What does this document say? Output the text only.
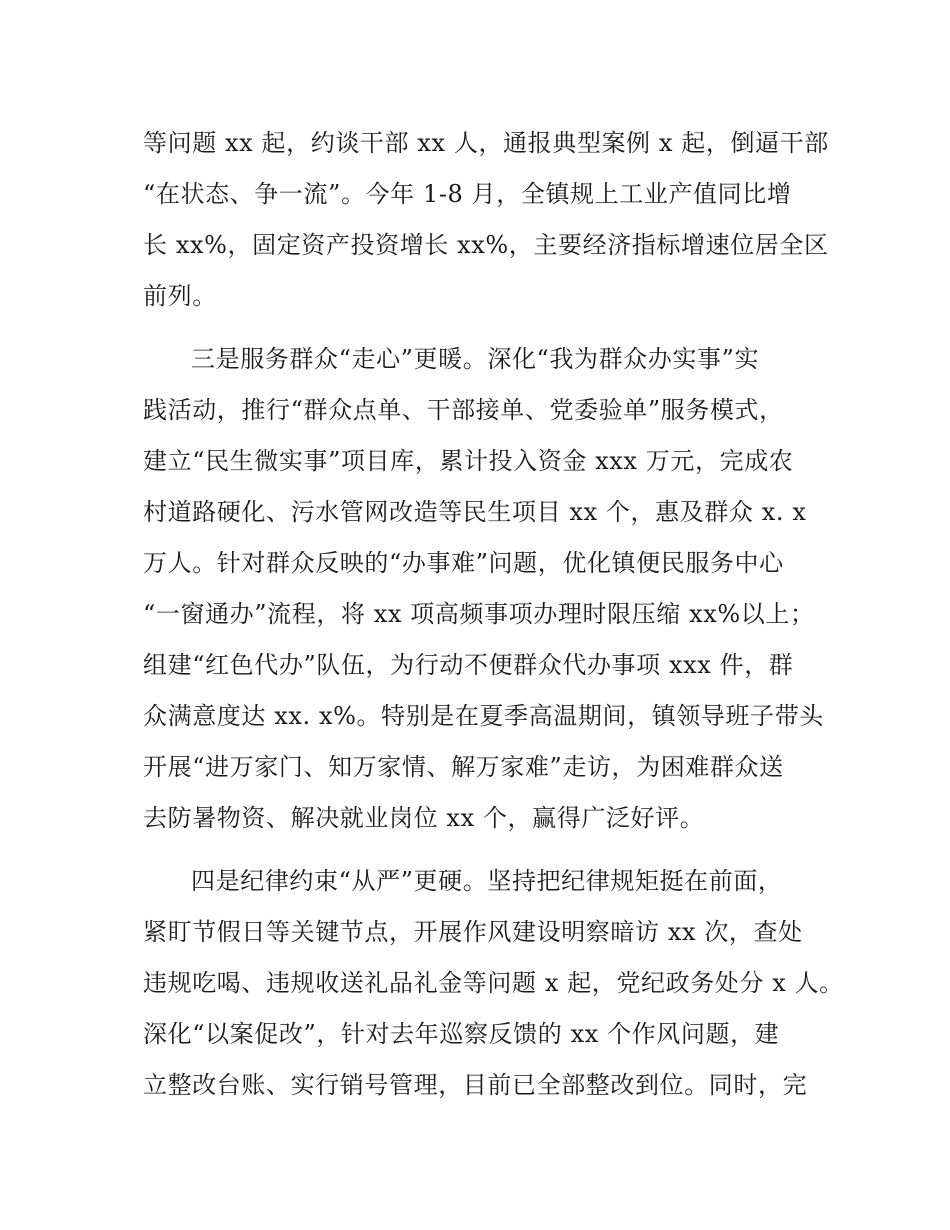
等问题 xx 起，约谈干部 xx 人，通报典型案例 x 起，倒逼干部
“在状态、争一流”。今年 1-8 月，全镇规上工业产值同比增
长 xx%，固定资产投资增长 xx%，主要经济指标增速位居全区
前列。
三是服务群众“走心”更暖。深化“我为群众办实事”实
践活动，推行“群众点单、干部接单、党委验单”服务模式，
建立“民生微实事”项目库，累计投入资金 xxx 万元，完成农
村道路硬化、污水管网改造等民生项目 xx 个，惠及群众 x. x
万人。针对群众反映的“办事难”问题，优化镇便民服务中心
“一窗通办”流程，将 xx 项高频事项办理时限压缩 xx%以上；
组建“红色代办”队伍，为行动不便群众代办事项 xxx 件，群
众满意度达 xx. x%。特别是在夏季高温期间，镇领导班子带头
开展“进万家门、知万家情、解万家难”走访，为困难群众送
去防暑物资、解决就业岗位 xx 个，赢得广泛好评。
四是纪律约束“从严”更硬。坚持把纪律规矩挺在前面，
紧盯节假日等关键节点，开展作风建设明察暗访 xx 次，查处
违规吃喝、违规收送礼品礼金等问题 x 起，党纪政务处分 x 人。
深化“以案促改”，针对去年巡察反馈的 xx 个作风问题，建
立整改台账、实行销号管理，目前已全部整改到位。同时，完
